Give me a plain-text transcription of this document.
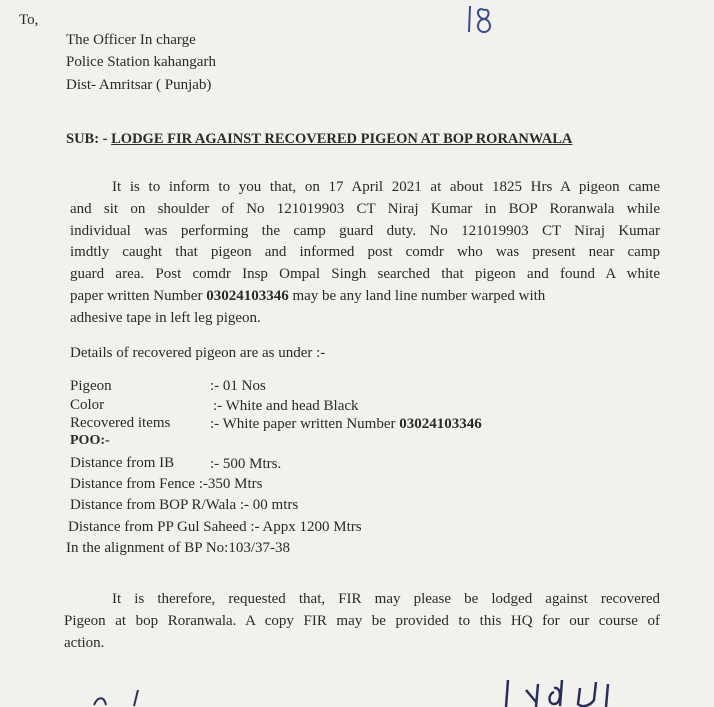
To,
The Officer In charge
Police Station kahangarh
Dist- Amritsar ( Punjab)
SUB: - LODGE FIR AGAINST RECOVERED PIGEON AT BOP RORANWALA
It is to inform to you that, on 17 April 2021 at about 1825 Hrs A pigeon came
and sit on shoulder of No 121019903 CT Niraj Kumar in BOP Roranwala while
individual was performing the camp guard duty. No 121019903 CT Niraj Kumar
imdtly caught that pigeon and informed post comdr who was present near camp
guard area. Post comdr Insp Ompal Singh searched that pigeon and found A white
paper written Number 03024103346 may be any land line number warped with
adhesive tape in left leg pigeon.
Details of recovered pigeon are as under :-
Pigeon	:- 01 Nos
Color	:- White and head Black
Recovered items	:- White paper written Number 03024103346
POO:-
Distance from IB :- 500 Mtrs.
Distance from Fence :-350 Mtrs
Distance from BOP R/Wala :- 00 mtrs
Distance from PP Gul Saheed :- Appx 1200 Mtrs
In the alignment of BP No:103/37-38
It is therefore, requested that, FIR may please be lodged against recovered
Pigeon at bop Roranwala. A copy FIR may be provided to this HQ for our course of
action.
